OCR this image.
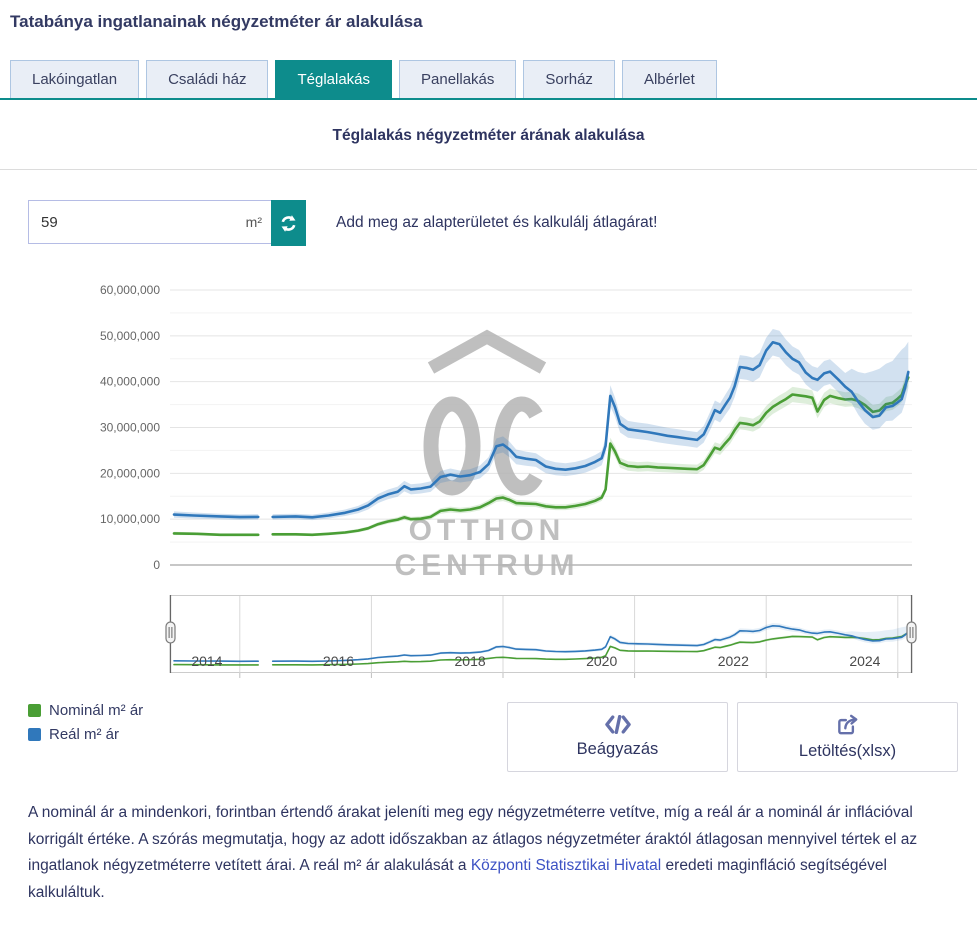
Tatabánya ingatlanainak négyzetméter ár alakulása
Lakóingatlan	Családi ház	Téglalakás	Panellakás	Sorház	Albérlet
Téglalakás négyzetméter árának alakulása
59
m²	Add meg az alapterületet és kalkulálj átlagárat!
OTTHON
CENTRUM
0
10,000,000
20,000,000
30,000,000
40,000,000
50,000,000
60,000,000
2014	2016	2018	2020	2022	2024
Nominál m² ár
Reál m² ár
Beágyazás	Letöltés(xlsx)

A nominál ár a mindenkori, forintban értendő árakat jeleníti meg egy négyzetméterre vetítve, míg a reál ár a nominál ár inflációval korrigált értéke. A szórás megmutatja, hogy az adott időszakban az átlagos négyzetméter áraktól átlagosan mennyivel tértek el az ingatlanok négyzetméterre vetített árai. A reál m² ár alakulását a Központi Statisztikai Hivatal eredeti maginfláció segítségével kalkuláltuk.
